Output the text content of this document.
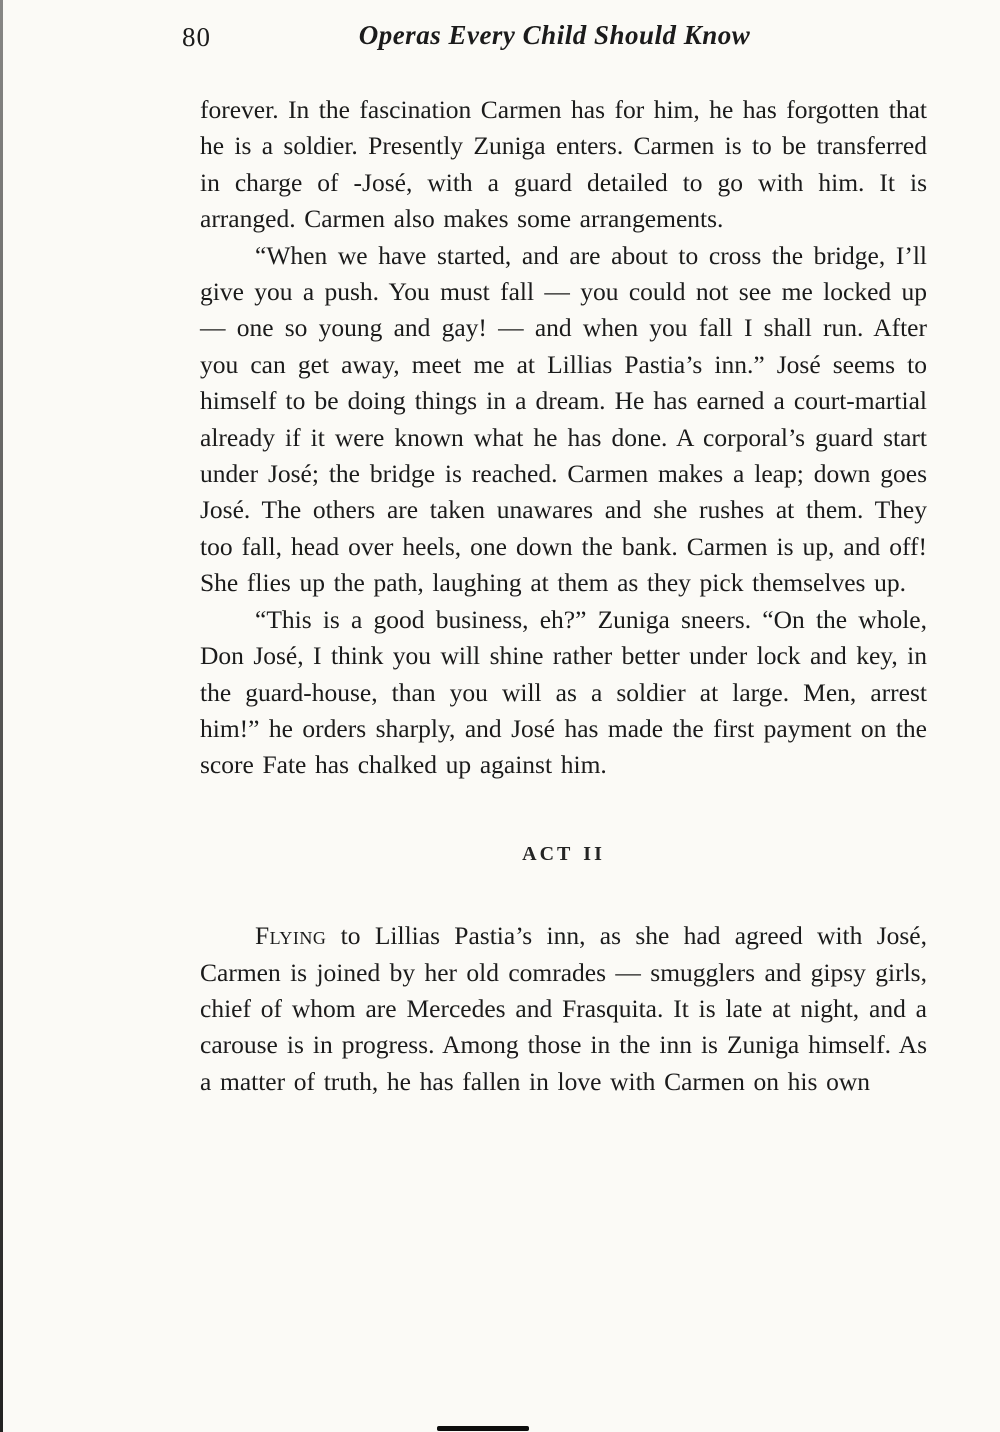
80	Operas Every Child Should Know

forever. In the fascination Carmen has for him, he has forgotten that he is a soldier. Presently Zuniga enters. Carmen is to be transferred in charge of -José, with a guard detailed to go with him. It is arranged. Carmen also makes some arrangements.

“When we have started, and are about to cross the bridge, I’ll give you a push. You must fall — you could not see me locked up — one so young and gay! — and when you fall I shall run. After you can get away, meet me at Lillias Pastia’s inn.” José seems to himself to be doing things in a dream. He has earned a court-martial already if it were known what he has done. A corporal’s guard start under José; the bridge is reached. Carmen makes a leap; down goes José. The others are taken unawares and she rushes at them. They too fall, head over heels, one down the bank. Carmen is up, and off! She flies up the path, laughing at them as they pick themselves up.

“This is a good business, eh?” Zuniga sneers. “On the whole, Don José, I think you will shine rather better under lock and key, in the guard-house, than you will as a soldier at large. Men, arrest him!” he orders sharply, and José has made the first payment on the score Fate has chalked up against him.

ACT II

Flying to Lillias Pastia’s inn, as she had agreed with José, Carmen is joined by her old comrades — smugglers and gipsy girls, chief of whom are Mercedes and Frasquita. It is late at night, and a carouse is in progress. Among those in the inn is Zuniga himself. As a matter of truth, he has fallen in love with Carmen on his own
